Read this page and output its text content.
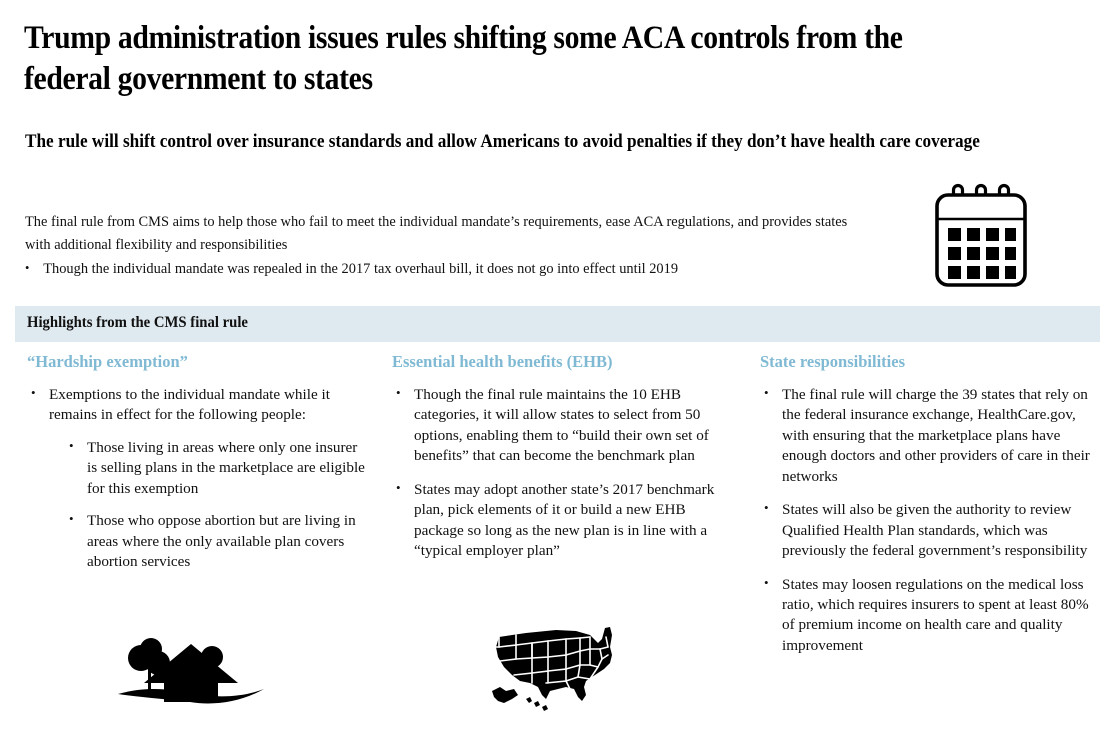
Trump administration issues rules shifting some ACA controls from the federal government to states
The rule will shift control over insurance standards and allow Americans to avoid penalties if they don’t have health care coverage
The final rule from CMS aims to help those who fail to meet the individual mandate’s requirements, ease ACA regulations, and provides states with additional flexibility and responsibilities
• Though the individual mandate was repealed in the 2017 tax overhaul bill, it does not go into effect until 2019
Highlights from the CMS final rule
“Hardship exemption”
• Exemptions to the individual mandate while it remains in effect for the following people:
• Those living in areas where only one insurer is selling plans in the marketplace are eligible for this exemption
• Those who oppose abortion but are living in areas where the only available plan covers abortion services
Essential health benefits (EHB)
• Though the final rule maintains the 10 EHB categories, it will allow states to select from 50 options, enabling them to “build their own set of benefits” that can become the benchmark plan
• States may adopt another state’s 2017 benchmark plan, pick elements of it or build a new EHB package so long as the new plan is in line with a “typical employer plan”
State responsibilities
• The final rule will charge the 39 states that rely on the federal insurance exchange, HealthCare.gov, with ensuring that the marketplace plans have enough doctors and other providers of care in their networks
• States will also be given the authority to review Qualified Health Plan standards, which was previously the federal government’s responsibility
• States may loosen regulations on the medical loss ratio, which requires insurers to spent at least 80% of premium income on health care and quality improvement
